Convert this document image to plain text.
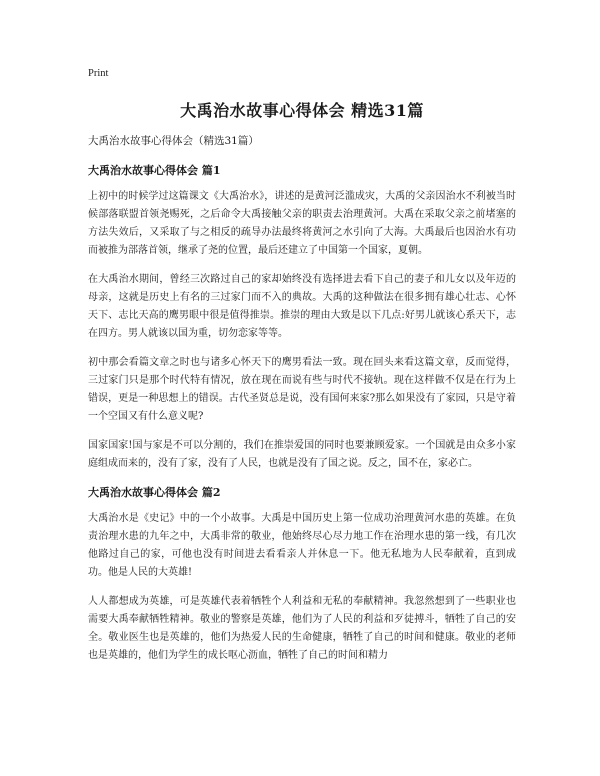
Print
大禹治水故事心得体会 精选31篇
大禹治水故事心得体会（精选31篇）
大禹治水故事心得体会 篇1

上初中的时候学过这篇课文《大禹治水》，讲述的是黄河泛滥成灾，大禹的父亲因治水不利被当时候部落联盟首领尧赐死，之后命令大禹接触父亲的职责去治理黄河。大禹在采取父亲之前堵塞的方法失效后，又采取了与之相反的疏导办法最终将黄河之水引向了大海。大禹最后也因治水有功而被推为部落首领，继承了尧的位置，最后还建立了中国第一个国家，夏朝。

在大禹治水期间，曾经三次路过自己的家却始终没有选择进去看下自己的妻子和儿女以及年迈的母亲，这就是历史上有名的三过家门而不入的典故。大禹的这种做法在很多拥有雄心壮志、心怀天下、志比天高的鹰男眼中很是值得推崇。推崇的理由大致是以下几点:好男儿就该心系天下，志在四方。男人就该以国为重，切勿恋家等等。

初中那会看篇文章之时也与诸多心怀天下的鹰男看法一致。现在回头来看这篇文章，反而觉得，三过家门只是那个时代特有情况，放在现在而说有些与时代不接轨。现在这样做不仅是在行为上错误，更是一种思想上的错误。古代圣贤总是说，没有国何来家?那么如果没有了家园，只是守着一个空国又有什么意义呢?

国家国家!国与家是不可以分割的，我们在推崇爱国的同时也要兼顾爱家。一个国就是由众多小家庭组成而来的，没有了家，没有了人民，也就是没有了国之说。反之，国不在，家必亡。

大禹治水故事心得体会 篇2

大禹治水是《史记》中的一个小故事。大禹是中国历史上第一位成功治理黄河水患的英雄。在负责治理水患的九年之中，大禹非常的敬业，他始终尽心尽力地工作在治理水患的第一线，有几次他路过自己的家，可他也没有时间进去看看亲人并休息一下。他无私地为人民奉献着，直到成功。他是人民的大英雄!

人人都想成为英雄，可是英雄代表着牺牲个人利益和无私的奉献精神。我忽然想到了一些职业也需要大禹奉献牺牲精神。敬业的警察是英雄，他们为了人民的利益和歹徒搏斗，牺牲了自己的安全。敬业医生也是英雄的，他们为热爱人民的生命健康，牺牲了自己的时间和健康。敬业的老师也是英雄的，他们为学生的成长呕心沥血，牺牲了自己的时间和精力
